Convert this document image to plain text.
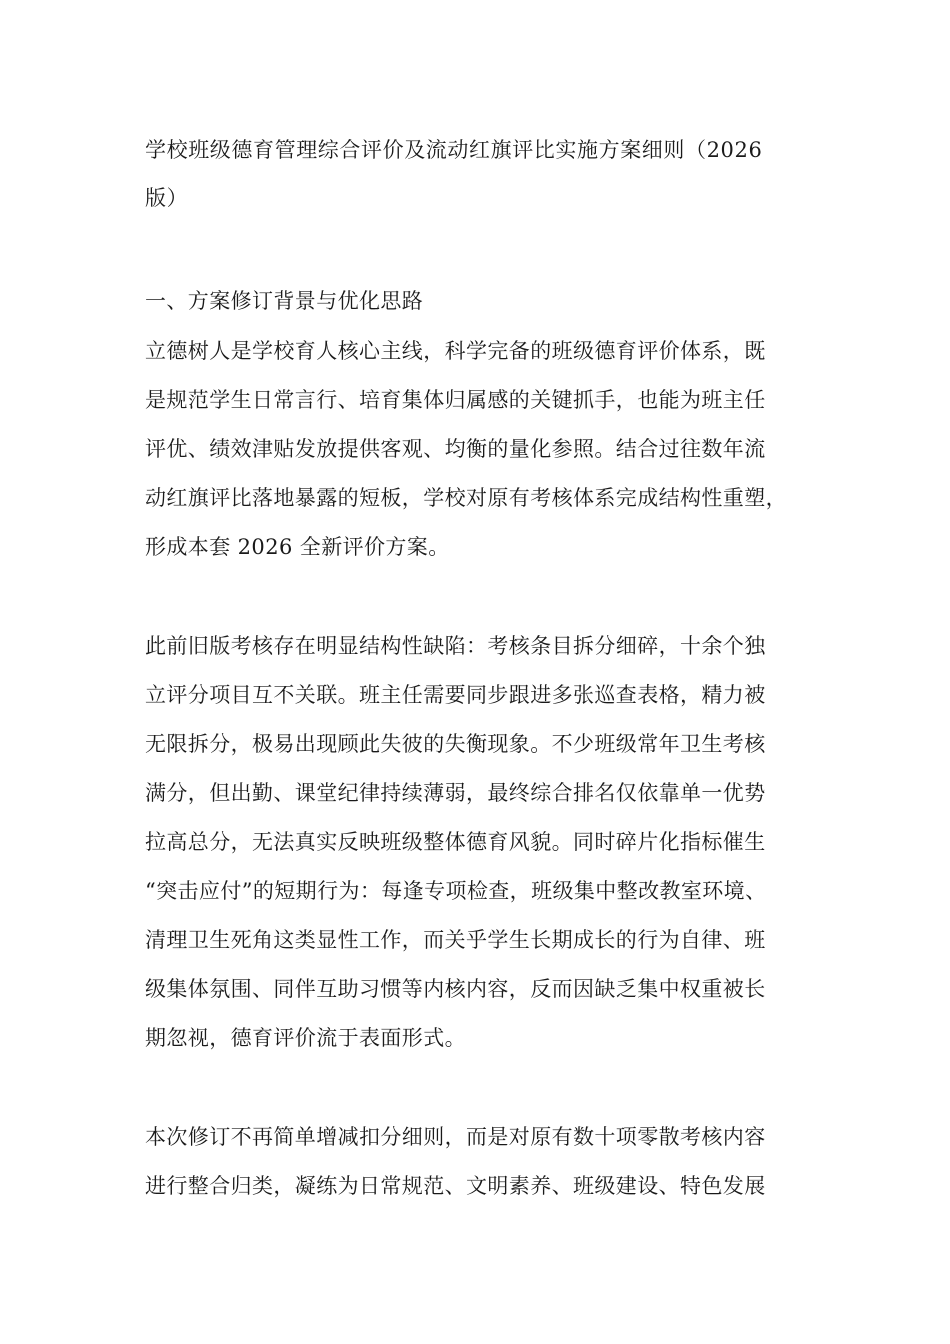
学校班级德育管理综合评价及流动红旗评比实施方案细则（2026
版）
一、方案修订背景与优化思路
立德树人是学校育人核心主线，科学完备的班级德育评价体系，既
是规范学生日常言行、培育集体归属感的关键抓手，也能为班主任
评优、绩效津贴发放提供客观、均衡的量化参照。结合过往数年流
动红旗评比落地暴露的短板，学校对原有考核体系完成结构性重塑，
形成本套 2026 全新评价方案。
此前旧版考核存在明显结构性缺陷：考核条目拆分细碎，十余个独
立评分项目互不关联。班主任需要同步跟进多张巡查表格，精力被
无限拆分，极易出现顾此失彼的失衡现象。不少班级常年卫生考核
满分，但出勤、课堂纪律持续薄弱，最终综合排名仅依靠单一优势
拉高总分，无法真实反映班级整体德育风貌。同时碎片化指标催生
“突击应付”的短期行为：每逢专项检查，班级集中整改教室环境、
清理卫生死角这类显性工作，而关乎学生长期成长的行为自律、班
级集体氛围、同伴互助习惯等内核内容，反而因缺乏集中权重被长
期忽视，德育评价流于表面形式。
本次修订不再简单增减扣分细则，而是对原有数十项零散考核内容
进行整合归类，凝练为日常规范、文明素养、班级建设、特色发展
